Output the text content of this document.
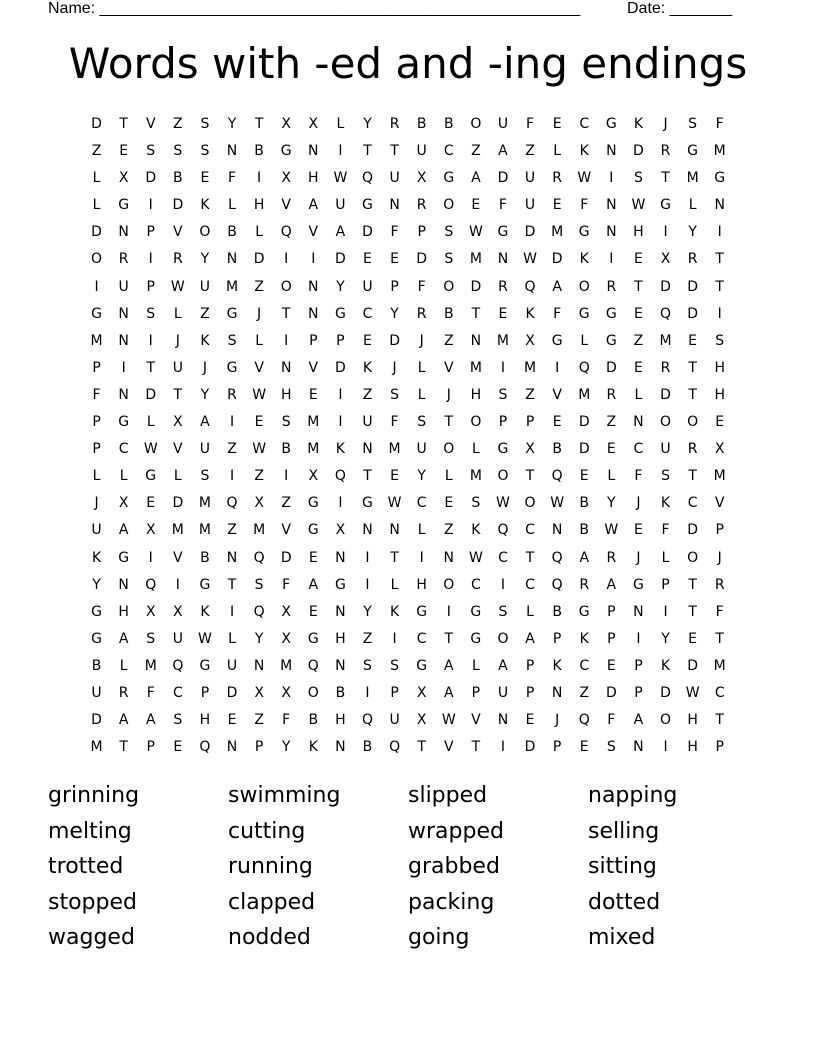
Name: ______________________________________________________	Date: _______
Words with -ed and -ing endings
D	T	V	Z	S	Y	T	X	X	L	Y	R	B	B	O	U	F	E	C	G	K	J	S	F
Z	E	S	S	S	N	B	G	N	I	T	T	U	C	Z	A	Z	L	K	N	D	R	G	M
L	X	D	B	E	F	I	X	H	W	Q	U	X	G	A	D	U	R	W	I	S	T	M	G
L	G	I	D	K	L	H	V	A	U	G	N	R	O	E	F	U	E	F	N	W	G	L	N
D	N	P	V	O	B	L	Q	V	A	D	F	P	S	W	G	D	M	G	N	H	I	Y	I
O	R	I	R	Y	N	D	I	I	D	E	E	D	S	M	N	W	D	K	I	E	X	R	T
I	U	P	W	U	M	Z	O	N	Y	U	P	F	O	D	R	Q	A	O	R	T	D	D	T
G	N	S	L	Z	G	J	T	N	G	C	Y	R	B	T	E	K	F	G	G	E	Q	D	I
M	N	I	J	K	S	L	I	P	P	E	D	J	Z	N	M	X	G	L	G	Z	M	E	S
P	I	T	U	J	G	V	N	V	D	K	J	L	V	M	I	M	I	Q	D	E	R	T	H
F	N	D	T	Y	R	W	H	E	I	Z	S	L	J	H	S	Z	V	M	R	L	D	T	H
P	G	L	X	A	I	E	S	M	I	U	F	S	T	O	P	P	E	D	Z	N	O	O	E
P	C	W	V	U	Z	W	B	M	K	N	M	U	O	L	G	X	B	D	E	C	U	R	X
L	L	G	L	S	I	Z	I	X	Q	T	E	Y	L	M	O	T	Q	E	L	F	S	T	M
J	X	E	D	M	Q	X	Z	G	I	G	W	C	E	S	W	O	W	B	Y	J	K	C	V
U	A	X	M	M	Z	M	V	G	X	N	N	L	Z	K	Q	C	N	B	W	E	F	D	P
K	G	I	V	B	N	Q	D	E	N	I	T	I	N	W	C	T	Q	A	R	J	L	O	J
Y	N	Q	I	G	T	S	F	A	G	I	L	H	O	C	I	C	Q	R	A	G	P	T	R
G	H	X	X	K	I	Q	X	E	N	Y	K	G	I	G	S	L	B	G	P	N	I	T	F
G	A	S	U	W	L	Y	X	G	H	Z	I	C	T	G	O	A	P	K	P	I	Y	E	T
B	L	M	Q	G	U	N	M	Q	N	S	S	G	A	L	A	P	K	C	E	P	K	D	M
U	R	F	C	P	D	X	X	O	B	I	P	X	A	P	U	P	N	Z	D	P	D	W	C
D	A	A	S	H	E	Z	F	B	H	Q	U	X	W	V	N	E	J	Q	F	A	O	H	T
M	T	P	E	Q	N	P	Y	K	N	B	Q	T	V	T	I	D	P	E	S	N	I	H	P
grinning	swimming	slipped	napping
melting	cutting	wrapped	selling
trotted	running	grabbed	sitting
stopped	clapped	packing	dotted
wagged	nodded	going	mixed
